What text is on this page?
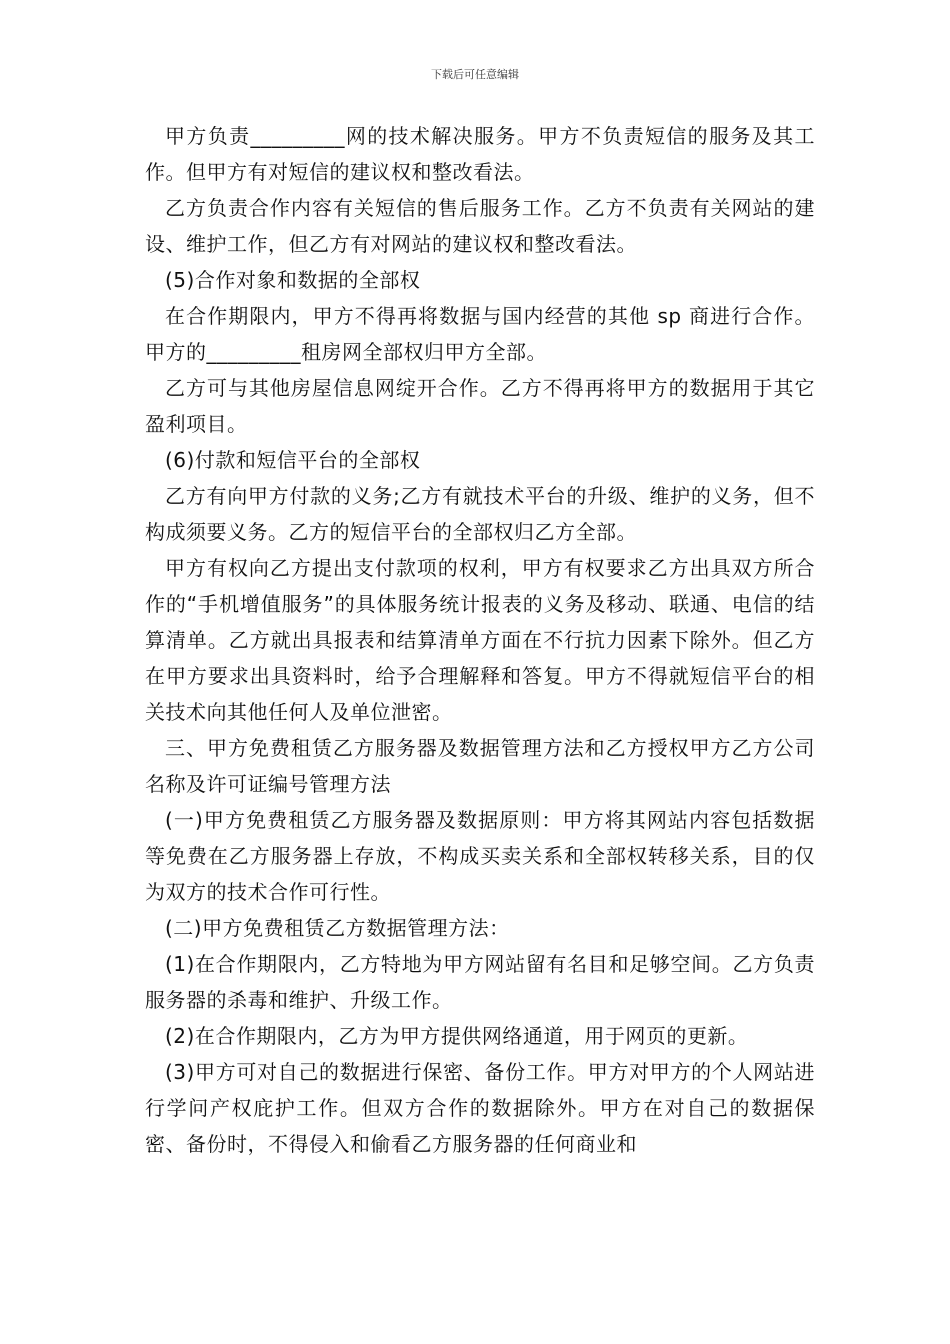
下载后可任意编辑

甲方负责_________网的技术解决服务。甲方不负责短信的服务及其工作。但甲方有对短信的建议权和整改看法。

乙方负责合作内容有关短信的售后服务工作。乙方不负责有关网站的建设、维护工作，但乙方有对网站的建议权和整改看法。

(5)合作对象和数据的全部权

在合作期限内，甲方不得再将数据与国内经营的其他 sp 商进行合作。甲方的_________租房网全部权归甲方全部。

乙方可与其他房屋信息网绽开合作。乙方不得再将甲方的数据用于其它盈利项目。

(6)付款和短信平台的全部权

乙方有向甲方付款的义务;乙方有就技术平台的升级、维护的义务，但不构成须要义务。乙方的短信平台的全部权归乙方全部。

甲方有权向乙方提出支付款项的权利，甲方有权要求乙方出具双方所合作的“手机增值服务”的具体服务统计报表的义务及移动、联通、电信的结算清单。乙方就出具报表和结算清单方面在不行抗力因素下除外。但乙方在甲方要求出具资料时，给予合理解释和答复。甲方不得就短信平台的相关技术向其他任何人及单位泄密。

三、甲方免费租赁乙方服务器及数据管理方法和乙方授权甲方乙方公司名称及许可证编号管理方法

(一)甲方免费租赁乙方服务器及数据原则：甲方将其网站内容包括数据等免费在乙方服务器上存放，不构成买卖关系和全部权转移关系，目的仅为双方的技术合作可行性。

(二)甲方免费租赁乙方数据管理方法：

(1)在合作期限内，乙方特地为甲方网站留有名目和足够空间。乙方负责服务器的杀毒和维护、升级工作。

(2)在合作期限内，乙方为甲方提供网络通道，用于网页的更新。

(3)甲方可对自己的数据进行保密、备份工作。甲方对甲方的个人网站进行学问产权庇护工作。但双方合作的数据除外。甲方在对自己的数据保密、备份时，不得侵入和偷看乙方服务器的任何商业和
